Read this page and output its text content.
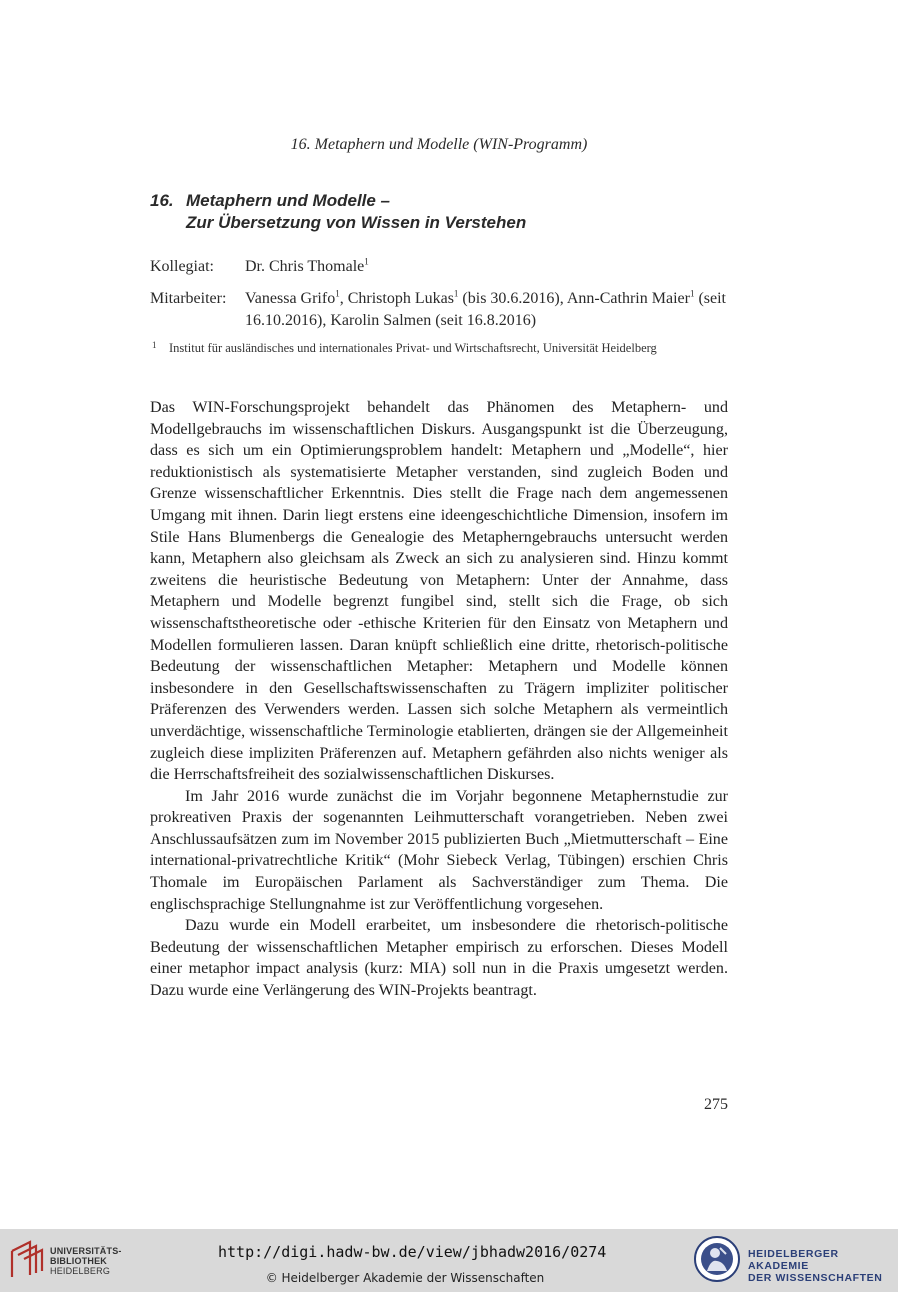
16. Metaphern und Modelle (WIN-Programm)
16. Metaphern und Modelle –
Zur Übersetzung von Wissen in Verstehen
Kollegiat: Dr. Chris Thomale$^1$
Mitarbeiter: Vanessa Grifo$^1$, Christoph Lukas$^1$ (bis 30.6.2016), Ann-Cathrin Maier$^1$ (seit 16.10.2016), Karolin Salmen (seit 16.8.2016)
1 Institut für ausländisches und internationales Privat- und Wirtschaftsrecht, Universität Heidelberg

Das WIN-Forschungsprojekt behandelt das Phänomen des Metaphern- und Modellgebrauchs im wissenschaftlichen Diskurs. Ausgangspunkt ist die Überzeugung, dass es sich um ein Optimierungsproblem handelt: Metaphern und „Modelle“, hier reduktionistisch als systematisierte Metapher verstanden, sind zugleich Boden und Grenze wissenschaftlicher Erkenntnis. Dies stellt die Frage nach dem angemessenen Umgang mit ihnen. Darin liegt erstens eine ideengeschichtliche Dimension, insofern im Stile Hans Blumenbergs die Genealogie des Metapherngebrauchs untersucht werden kann, Metaphern also gleichsam als Zweck an sich zu analysieren sind. Hinzu kommt zweitens die heuristische Bedeutung von Metaphern: Unter der Annahme, dass Metaphern und Modelle begrenzt fungibel sind, stellt sich die Frage, ob sich wissenschaftstheoretische oder -ethische Kriterien für den Einsatz von Metaphern und Modellen formulieren lassen. Daran knüpft schließlich eine dritte, rhetorisch-politische Bedeutung der wissenschaftlichen Metapher: Metaphern und Modelle können insbesondere in den Gesellschaftswissenschaften zu Trägern impliziter politischer Präferenzen des Verwenders werden. Lassen sich solche Metaphern als vermeintlich unverdächtige, wissenschaftliche Terminologie etablierten, drängen sie der Allgemeinheit zugleich diese impliziten Präferenzen auf. Metaphern gefährden also nichts weniger als die Herrschaftsfreiheit des sozialwissenschaftlichen Diskurses.

Im Jahr 2016 wurde zunächst die im Vorjahr begonnene Metaphernstudie zur prokreativen Praxis der sogenannten Leihmutterschaft vorangetrieben. Neben zwei Anschlussaufsätzen zum im November 2015 publizierten Buch „Mietmutterschaft – Eine international-privatrechtliche Kritik“ (Mohr Siebeck Verlag, Tübingen) erschien Chris Thomale im Europäischen Parlament als Sachverständiger zum Thema. Die englischsprachige Stellungnahme ist zur Veröffentlichung vorgesehen.

Dazu wurde ein Modell erarbeitet, um insbesondere die rhetorisch-politische Bedeutung der wissenschaftlichen Metapher empirisch zu erforschen. Dieses Modell einer metaphor impact analysis (kurz: MIA) soll nun in die Praxis umgesetzt werden. Dazu wurde eine Verlängerung des WIN-Projekts beantragt.

275
UNIVERSITÄTS-
BIBLIOTHEK
HEIDELBERG
http://digi.hadw-bw.de/view/jbhadw2016/0274
© Heidelberger Akademie der Wissenschaften
HEIDELBERGER AKADEMIE
DER WISSENSCHAFTEN
